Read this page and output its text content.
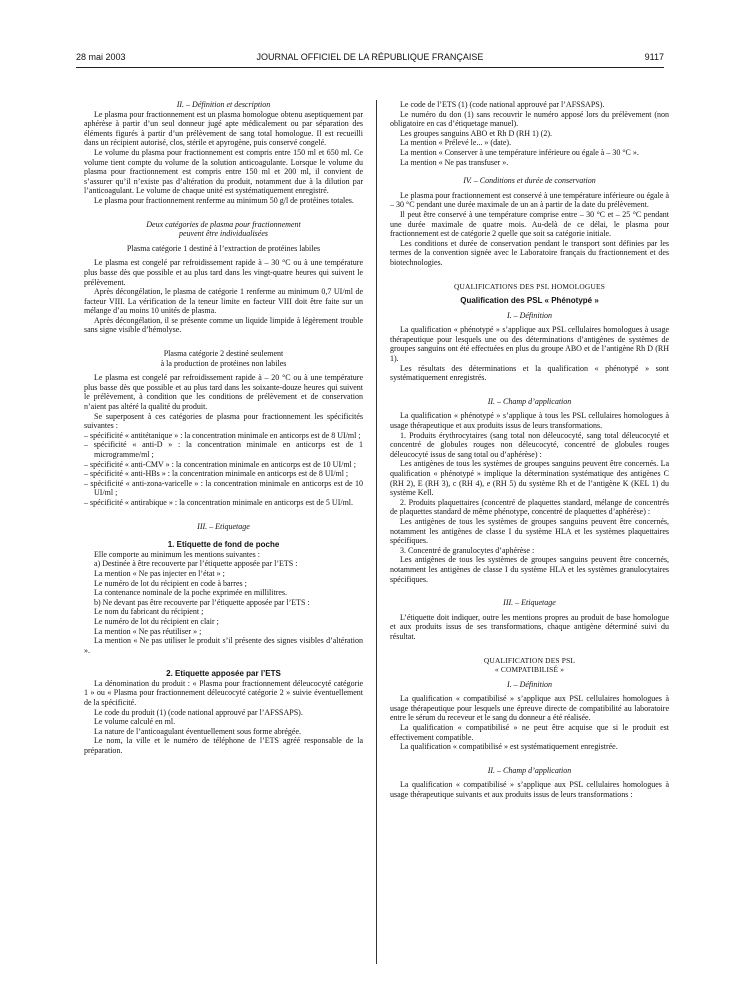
28 mai 2003	JOURNAL OFFICIEL DE LA RÉPUBLIQUE FRANÇAISE	9117
II. – Définition et description

Le plasma pour fractionnement est un plasma homologue obtenu aseptiquement par aphérèse à partir d’un seul donneur jugé apte médicalement ou par séparation des éléments figurés à partir d’un prélèvement de sang total homologue. Il est recueilli dans un récipient autorisé, clos, stérile et apyrogène, puis conservé congelé.

Le volume du plasma pour fractionnement est compris entre 150 ml et 650 ml. Ce volume tient compte du volume de la solution anticoagulante. Lorsque le volume du plasma pour fractionnement est compris entre 150 ml et 200 ml, il convient de s’assurer qu’il n’existe pas d’altération du produit, notamment due à la dilution par l’anticoagulant. Le volume de chaque unité est systématiquement enregistré.

Le plasma pour fractionnement renferme au minimum 50 g/l de protéines totales.

Deux catégories de plasma pour fractionnement
peuvent être individualisées

Plasma catégorie 1 destiné à l’extraction de protéines labiles

Le plasma est congelé par refroidissement rapide à – 30 °C ou à une température plus basse dès que possible et au plus tard dans les vingt-quatre heures qui suivent le prélèvement.

Après décongélation, le plasma de catégorie 1 renferme au minimum 0,7 UI/ml de facteur VIII. La vérification de la teneur limite en facteur VIII doit être faite sur un mélange d’au moins 10 unités de plasma.

Après décongélation, il se présente comme un liquide limpide à légèrement trouble sans signe visible d’hémolyse.

Plasma catégorie 2 destiné seulement

à la production de protéines non labiles

Le plasma est congelé par refroidissement rapide à – 20 °C ou à une température plus basse dès que possible et au plus tard dans les soixante-douze heures qui suivent le prélèvement, à condition que les conditions de prélèvement et de conservation n’aient pas altéré la qualité du produit.

Se superposent à ces catégories de plasma pour fractionnement les spécificités suivantes :

– spécificité « antitétanique » : la concentration minimale en anticorps est de 8 UI/ml ;

– spécificité « anti-D » : la concentration minimale en anticorps est de 1 microgramme/ml ;

– spécificité « anti-CMV » : la concentration minimale en anticorps est de 10 UI/ml ;

– spécificité « anti-HBs » : la concentration minimale en anticorps est de 8 UI/ml ;

– spécificité « anti-zona-varicelle » : la concentration minimale en anticorps est de 10 UI/ml ;

– spécificité « antirabique » : la concentration minimale en anticorps est de 5 UI/ml.

III. – Etiquetage

1. Etiquette de fond de poche

Elle comporte au minimum les mentions suivantes :

a) Destinée à être recouverte par l’étiquette apposée par l’ETS :

La mention « Ne pas injecter en l’état » ;

Le numéro de lot du récipient en code à barres ;

La contenance nominale de la poche exprimée en millilitres.

b) Ne devant pas être recouverte par l’étiquette apposée par l’ETS :

Le nom du fabricant du récipient ;

Le numéro de lot du récipient en clair ;

La mention « Ne pas réutiliser » ;

La mention « Ne pas utiliser le produit s’il présente des signes visibles d’altération ».

2. Etiquette apposée par l’ETS

La dénomination du produit : « Plasma pour fractionnement déleucocyté catégorie 1 » ou « Plasma pour fractionnement déleucocyté catégorie 2 » suivie éventuellement de la spécificité.

Le code du produit (1) (code national approuvé par l’AFSSAPS).

Le volume calculé en ml.

La nature de l’anticoagulant éventuellement sous forme abrégée.

Le nom, la ville et le numéro de téléphone de l’ETS agréé responsable de la préparation.

Le code de l’ETS (1) (code national approuvé par l’AFSSAPS).

Le numéro du don (1) sans recouvrir le numéro apposé lors du prélèvement (non obligatoire en cas d’étiquetage manuel).

Les groupes sanguins ABO et Rh D (RH 1) (2).

La mention « Prélevé le... » (date).

La mention « Conserver à une température inférieure ou égale à – 30 °C ».

La mention « Ne pas transfuser ».

IV. – Conditions et durée de conservation

Le plasma pour fractionnement est conservé à une température inférieure ou égale à – 30 °C pendant une durée maximale de un an à partir de la date du prélèvement.

Il peut être conservé à une température comprise entre – 30 °C et – 25 °C pendant une durée maximale de quatre mois. Au-delà de ce délai, le plasma pour fractionnement est de catégorie 2 quelle que soit sa catégorie initiale.

Les conditions et durée de conservation pendant le transport sont définies par les termes de la convention signée avec le Laboratoire français du fractionnement et des biotechnologies.

QUALIFICATIONS DES PSL HOMOLOGUES

Qualification des PSL « Phénotypé »

I. – Définition

La qualification « phénotypé » s’applique aux PSL cellulaires homologues à usage thérapeutique pour lesquels une ou des déterminations d’antigènes de systèmes de groupes sanguins ont été effectuées en plus du groupe ABO et de l’antigène Rh D (RH 1).

Les résultats des déterminations et la qualification « phénotypé » sont systématiquement enregistrés.

II. – Champ d’application

La qualification « phénotypé » s’applique à tous les PSL cellulaires homologues à usage thérapeutique et aux produits issus de leurs transformations.

1. Produits érythrocytaires (sang total non déleucocyté, sang total déleucocyté et concentré de globules rouges non déleucocyté, concentré de globules rouges déleucocyté issus de sang total ou d’aphérèse) :

Les antigènes de tous les systèmes de groupes sanguins peuvent être concernés. La qualification « phénotypé » implique la détermination systématique des antigènes C (RH 2), E (RH 3), c (RH 4), e (RH 5) du système Rh et de l’antigène K (KEL 1) du système Kell.

2. Produits plaquettaires (concentré de plaquettes standard, mélange de concentrés de plaquettes standard de même phénotype, concentré de plaquettes d’aphérèse) :

Les antigènes de tous les systèmes de groupes sanguins peuvent être concernés, notamment les antigènes de classe I du système HLA et les systèmes plaquettaires spécifiques.

3. Concentré de granulocytes d’aphérèse :

Les antigènes de tous les systèmes de groupes sanguins peuvent être concernés, notamment les antigènes de classe I du système HLA et les systèmes granulocytaires spécifiques.

III. – Etiquetage

L’étiquette doit indiquer, outre les mentions propres au produit de base homologue et aux produits issus de ses transformations, chaque antigène déterminé suivi du résultat.

QUALIFICATION DES PSL

« COMPATIBILISÉ »

I. – Définition

La qualification « compatibilisé » s’applique aux PSL cellulaires homologues à usage thérapeutique pour lesquels une épreuve directe de compatibilité au laboratoire entre le sérum du receveur et le sang du donneur a été réalisée.

La qualification « compatibilisé » ne peut être acquise que si le produit est effectivement compatible.

La qualification « compatibilisé » est systématiquement enregistrée.

II. – Champ d’application

La qualification « compatibilisé » s’applique aux PSL cellulaires homologues à usage thérapeutique suivants et aux produits issus de leurs transformations :
